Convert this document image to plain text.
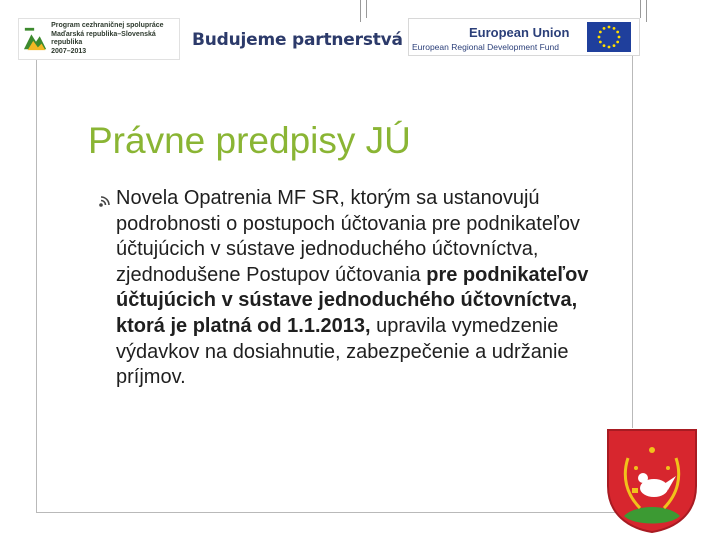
Program cezhraničnej spolupráce
Maďarská republika–Slovenská republika
2007–2013
Budujeme partnerstvá	European Union
European Regional Development Fund
Právne predpisy JÚ
Novela Opatrenia MF SR, ktorým sa ustanovujú podrobnosti o postupoch účtovania pre podnikateľov účtujúcich v sústave jednoduchého účtovníctva, zjednodušene Postupov účtovania pre podnikateľov účtujúcich v sústave jednoduchého účtovníctva, ktorá je platná od 1.1.2013, upravila vymedzenie výdavkov na dosiahnutie, zabezpečenie a udržanie príjmov.
